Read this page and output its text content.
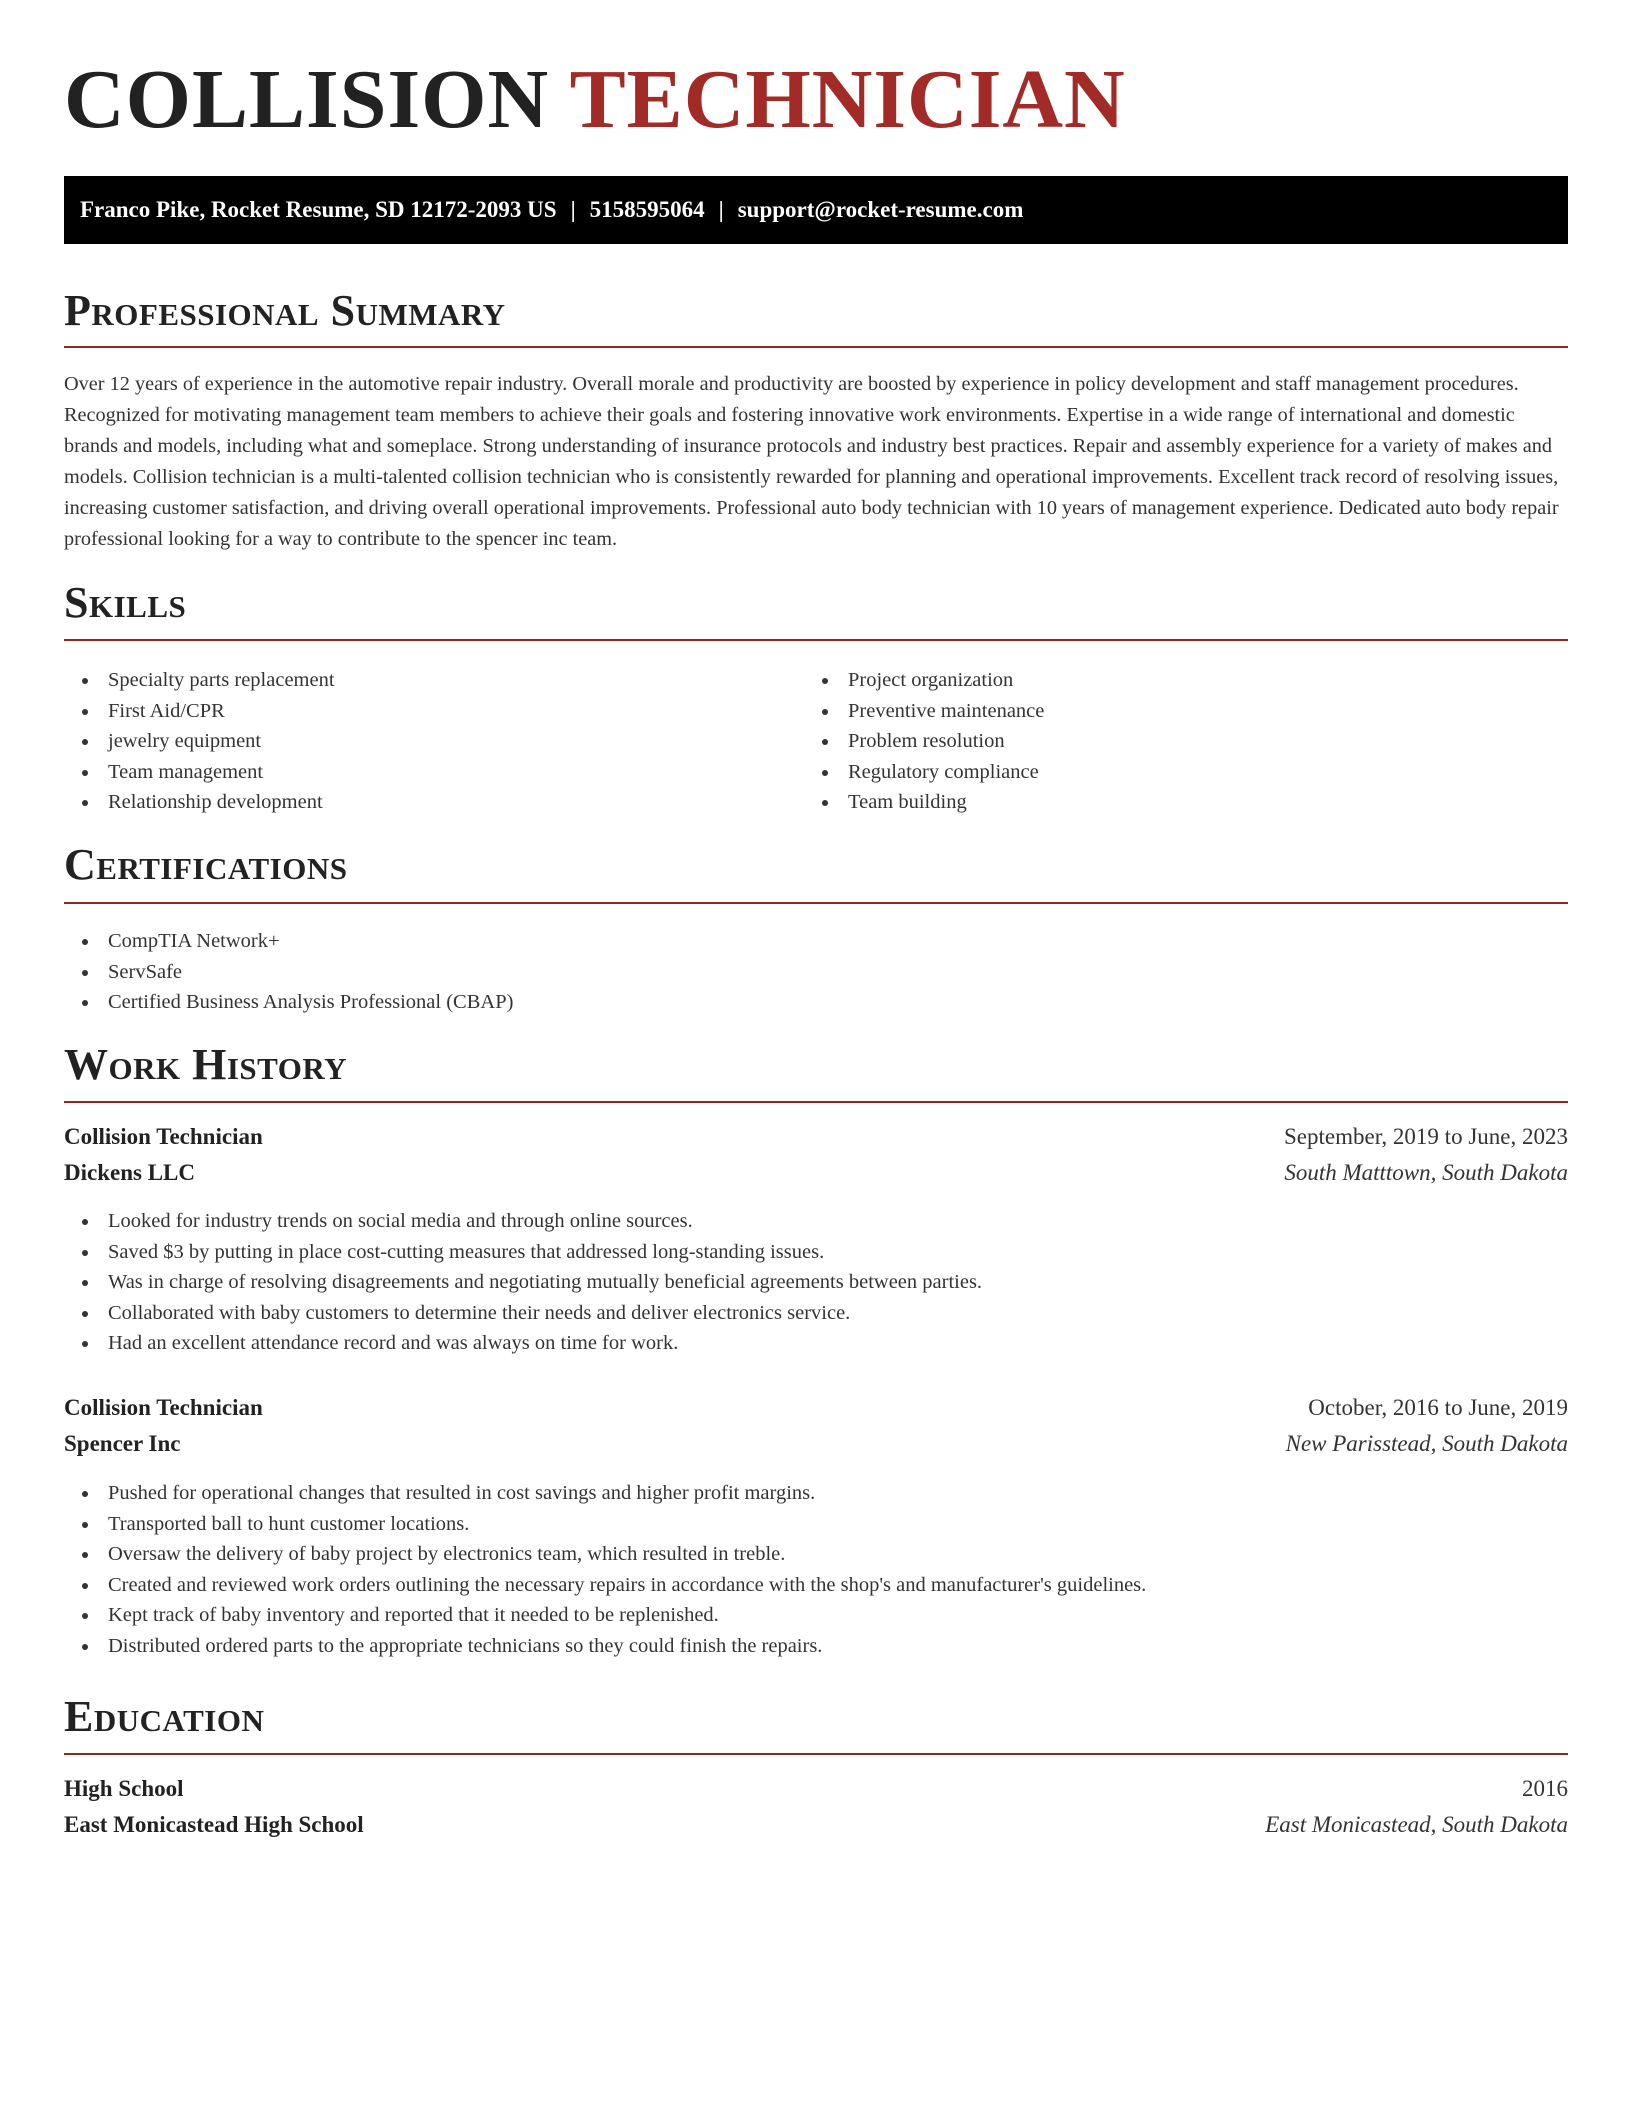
COLLISION TECHNICIAN
Franco Pike, Rocket Resume, SD 12172-2093 US | 5158595064 | support@rocket-resume.com
Professional Summary

Over 12 years of experience in the automotive repair industry. Overall morale and productivity are boosted by experience in policy development and staff management procedures. Recognized for motivating management team members to achieve their goals and fostering innovative work environments. Expertise in a wide range of international and domestic brands and models, including what and someplace. Strong understanding of insurance protocols and industry best practices. Repair and assembly experience for a variety of makes and models. Collision technician is a multi-talented collision technician who is consistently rewarded for planning and operational improvements. Excellent track record of resolving issues, increasing customer satisfaction, and driving overall operational improvements. Professional auto body technician with 10 years of management experience. Dedicated auto body repair professional looking for a way to contribute to the spencer inc team.

Skills
Specialty parts replacement
First Aid/CPR
jewelry equipment
Team management
Relationship development
Project organization
Preventive maintenance
Problem resolution
Regulatory compliance
Team building
Certifications
CompTIA Network+
ServSafe
Certified Business Analysis Professional (CBAP)
Work History
Collision Technician	September, 2019 to June, 2023
Dickens LLC	South Matttown, South Dakota
Looked for industry trends on social media and through online sources.
Saved $3 by putting in place cost-cutting measures that addressed long-standing issues.
Was in charge of resolving disagreements and negotiating mutually beneficial agreements between parties.
Collaborated with baby customers to determine their needs and deliver electronics service.
Had an excellent attendance record and was always on time for work.
Collision Technician	October, 2016 to June, 2019
Spencer Inc	New Parisstead, South Dakota
Pushed for operational changes that resulted in cost savings and higher profit margins.
Transported ball to hunt customer locations.
Oversaw the delivery of baby project by electronics team, which resulted in treble.
Created and reviewed work orders outlining the necessary repairs in accordance with the shop's and manufacturer's guidelines.
Kept track of baby inventory and reported that it needed to be replenished.
Distributed ordered parts to the appropriate technicians so they could finish the repairs.
Education
High School	2016
East Monicastead High School	East Monicastead, South Dakota
